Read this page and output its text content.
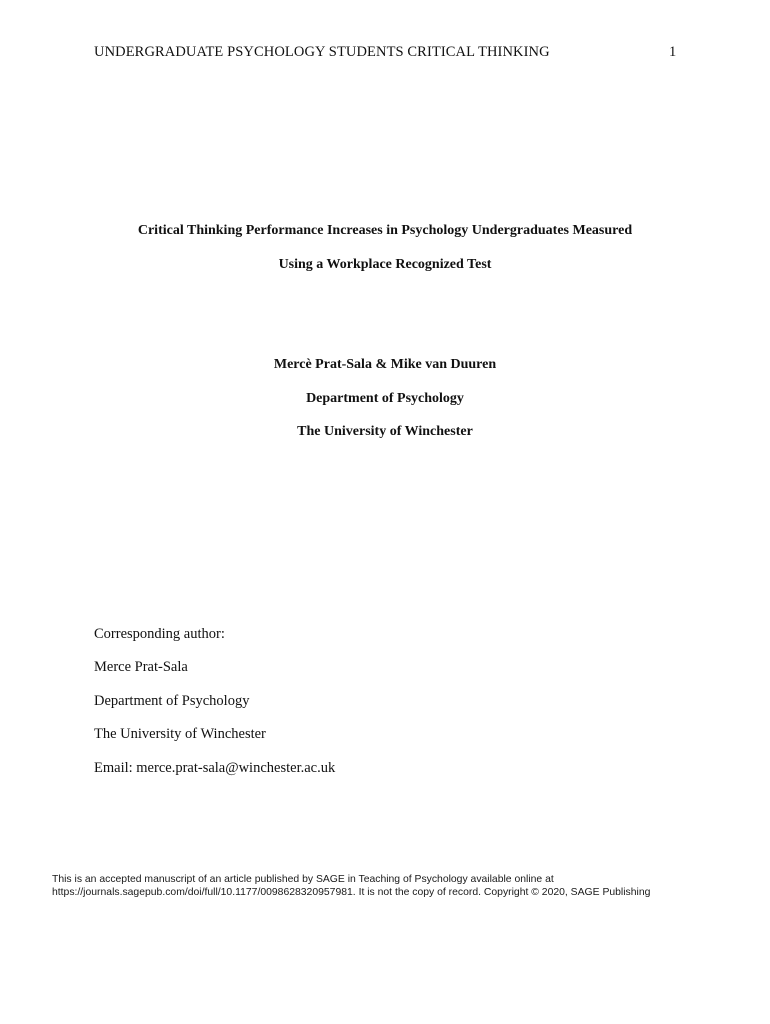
UNDERGRADUATE PSYCHOLOGY STUDENTS CRITICAL THINKING	1
Critical Thinking Performance Increases in Psychology Undergraduates Measured
Using a Workplace Recognized Test
Mercè Prat-Sala & Mike van Duuren
Department of Psychology
The University of Winchester
Corresponding author:
Merce Prat-Sala
Department of Psychology
The University of Winchester
Email: merce.prat-sala@winchester.ac.uk
This is an accepted manuscript of an article published by SAGE in Teaching of Psychology available online at
https://journals.sagepub.com/doi/full/10.1177/0098628320957981. It is not the copy of record. Copyright © 2020, SAGE Publishing
